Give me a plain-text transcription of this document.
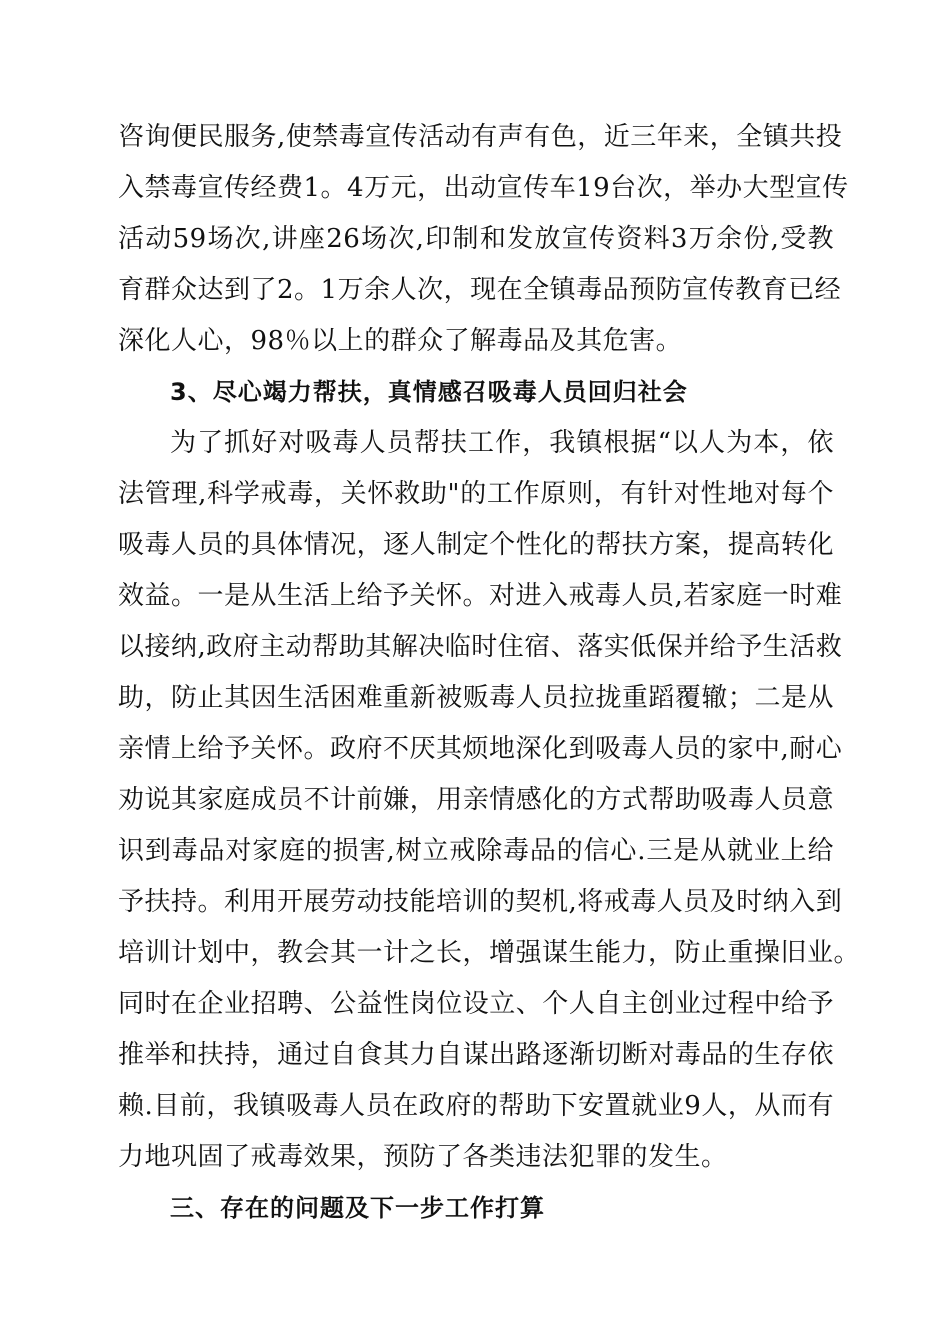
咨询便民服务,使禁毒宣传活动有声有色，近三年来，全镇共投
入禁毒宣传经费1。4万元，出动宣传车19台次，举办大型宣传
活动59场次,讲座26场次,印制和发放宣传资料3万余份,受教
育群众达到了2。1万余人次，现在全镇毒品预防宣传教育已经
深化人心，98％以上的群众了解毒品及其危害。
3、尽心竭力帮扶，真情感召吸毒人员回归社会
为了抓好对吸毒人员帮扶工作，我镇根据“以人为本，依
法管理,科学戒毒，关怀救助"的工作原则，有针对性地对每个
吸毒人员的具体情况，逐人制定个性化的帮扶方案，提高转化
效益。一是从生活上给予关怀。对进入戒毒人员,若家庭一时难
以接纳,政府主动帮助其解决临时住宿、落实低保并给予生活救
助，防止其因生活困难重新被贩毒人员拉拢重蹈覆辙；二是从
亲情上给予关怀。政府不厌其烦地深化到吸毒人员的家中,耐心
劝说其家庭成员不计前嫌，用亲情感化的方式帮助吸毒人员意
识到毒品对家庭的损害,树立戒除毒品的信心.三是从就业上给
予扶持。利用开展劳动技能培训的契机,将戒毒人员及时纳入到
培训计划中，教会其一计之长，增强谋生能力，防止重操旧业。
同时在企业招聘、公益性岗位设立、个人自主创业过程中给予
推举和扶持，通过自食其力自谋出路逐渐切断对毒品的生存依
赖.目前，我镇吸毒人员在政府的帮助下安置就业9人，从而有
力地巩固了戒毒效果，预防了各类违法犯罪的发生。
三、存在的问题及下一步工作打算
